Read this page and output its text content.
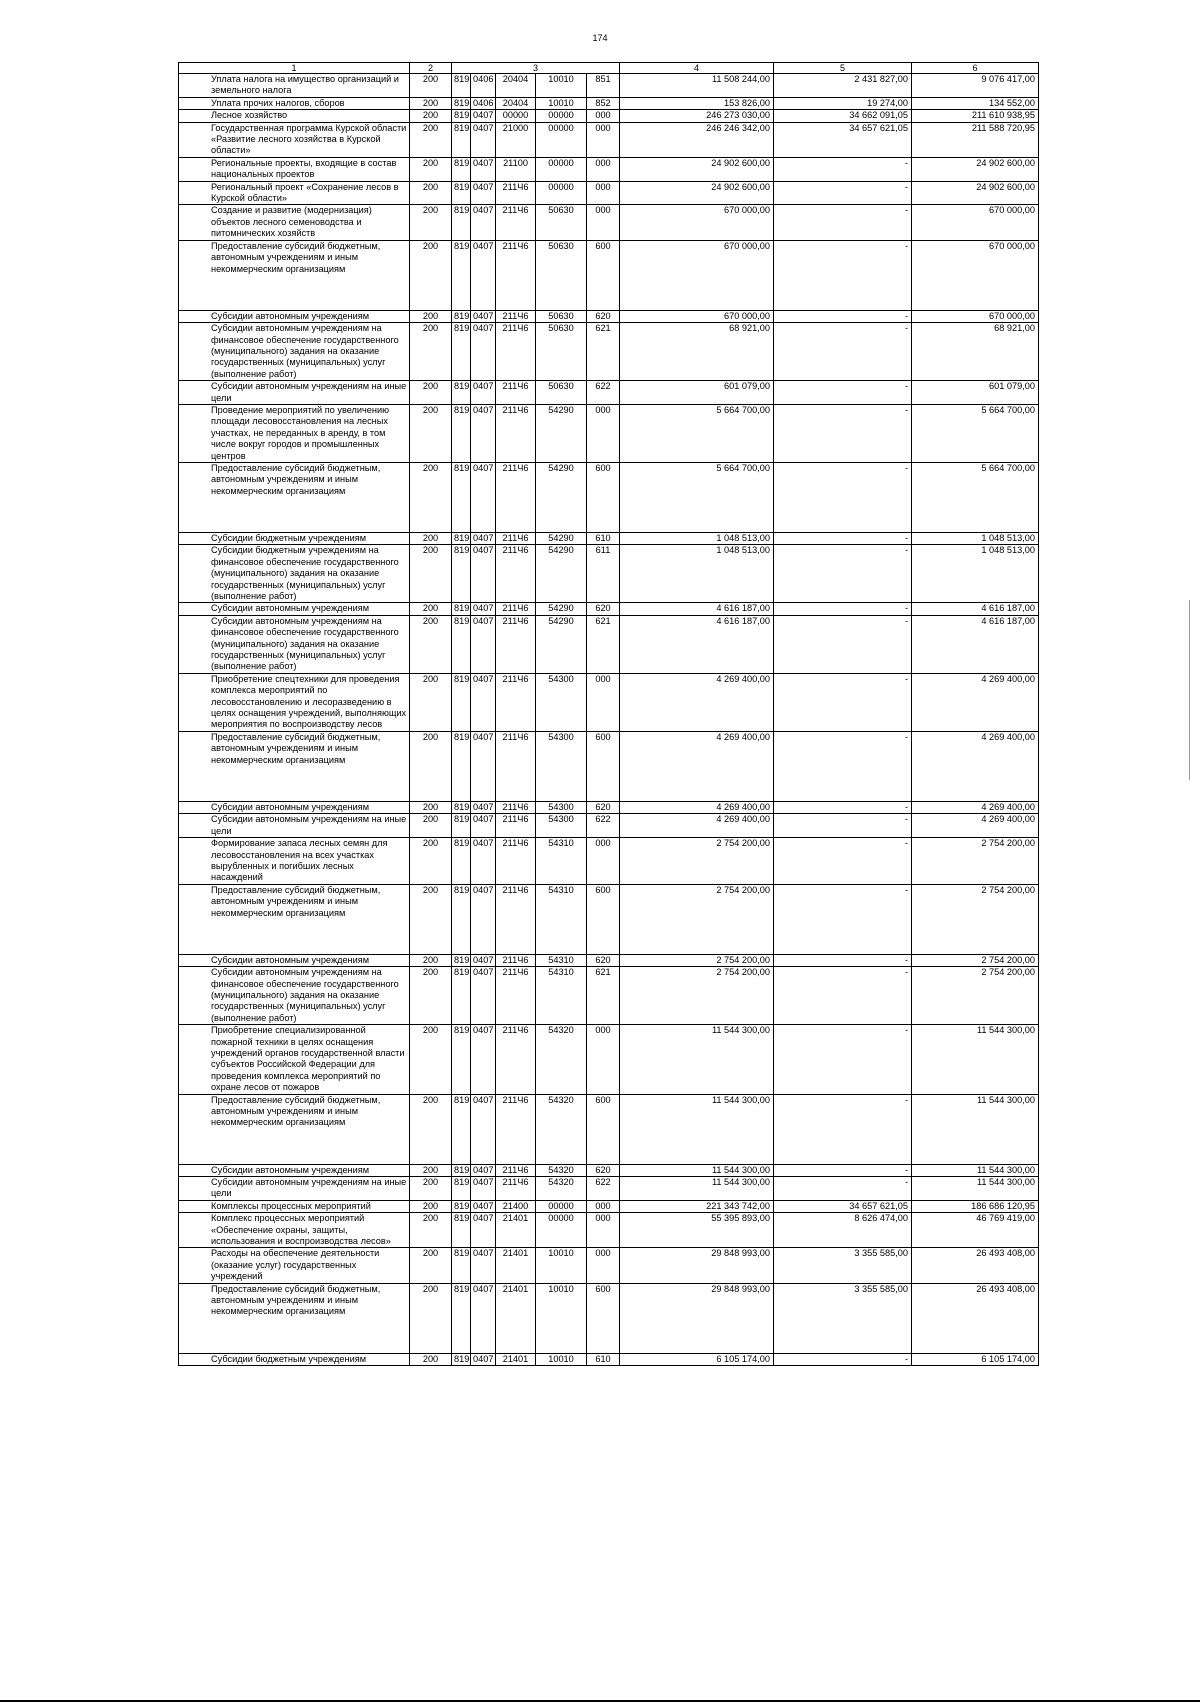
174
1	2	3					4	5	6
Уплата налога на имущество организаций и земельного налога	200	819	0406	20404	10010	851	11 508 244,00	2 431 827,00	9 076 417,00
Уплата прочих налогов, сборов	200	819	0406	20404	10010	852	153 826,00	19 274,00	134 552,00
Лесное хозяйство	200	819	0407	00000	00000	000	246 273 030,00	34 662 091,05	211 610 938,95
Государственная программа Курской области «Развитие лесного хозяйства в Курской области»	200	819	0407	21000	00000	000	246 246 342,00	34 657 621,05	211 588 720,95
Региональные проекты, входящие в состав национальных проектов	200	819	0407	21100	00000	000	24 902 600,00	-	24 902 600,00
Региональный проект «Сохранение лесов в Курской области»	200	819	0407	211Ч6	00000	000	24 902 600,00	-	24 902 600,00
Создание и развитие (модернизация) объектов лесного семеноводства и питомнических хозяйств	200	819	0407	211Ч6	50630	000	670 000,00	-	670 000,00
Предоставление субсидий бюджетным, автономным учреждениям и иным некоммерческим организациям	200	819	0407	211Ч6	50630	600	670 000,00	-	670 000,00
Субсидии автономным учреждениям	200	819	0407	211Ч6	50630	620	670 000,00	-	670 000,00
Субсидии автономным учреждениям на финансовое обеспечение государственного (муниципального) задания на оказание государственных (муниципальных) услуг (выполнение работ)	200	819	0407	211Ч6	50630	621	68 921,00	-	68 921,00
Субсидии автономным учреждениям на иные цели	200	819	0407	211Ч6	50630	622	601 079,00	-	601 079,00
Проведение мероприятий по увеличению площади лесовосстановления на лесных участках, не переданных в аренду, в том числе вокруг городов и промышленных центров	200	819	0407	211Ч6	54290	000	5 664 700,00	-	5 664 700,00
Предоставление субсидий бюджетным, автономным учреждениям и иным некоммерческим организациям	200	819	0407	211Ч6	54290	600	5 664 700,00	-	5 664 700,00
Субсидии бюджетным учреждениям	200	819	0407	211Ч6	54290	610	1 048 513,00	-	1 048 513,00
Субсидии бюджетным учреждениям на финансовое обеспечение государственного (муниципального) задания на оказание государственных (муниципальных) услуг (выполнение работ)	200	819	0407	211Ч6	54290	611	1 048 513,00	-	1 048 513,00
Субсидии автономным учреждениям	200	819	0407	211Ч6	54290	620	4 616 187,00	-	4 616 187,00
Субсидии автономным учреждениям на финансовое обеспечение государственного (муниципального) задания на оказание государственных (муниципальных) услуг (выполнение работ)	200	819	0407	211Ч6	54290	621	4 616 187,00	-	4 616 187,00
Приобретение спецтехники для проведения комплекса мероприятий по лесовосстановлению и лесоразведению в целях оснащения учреждений, выполняющих мероприятия по воспроизводству лесов	200	819	0407	211Ч6	54300	000	4 269 400,00	-	4 269 400,00
Предоставление субсидий бюджетным, автономным учреждениям и иным некоммерческим организациям	200	819	0407	211Ч6	54300	600	4 269 400,00	-	4 269 400,00
Субсидии автономным учреждениям	200	819	0407	211Ч6	54300	620	4 269 400,00	-	4 269 400,00
Субсидии автономным учреждениям на иные цели	200	819	0407	211Ч6	54300	622	4 269 400,00	-	4 269 400,00
Формирование запаса лесных семян для лесовосстановления на всех участках вырубленных и погибших лесных насаждений	200	819	0407	211Ч6	54310	000	2 754 200,00	-	2 754 200,00
Предоставление субсидий бюджетным, автономным учреждениям и иным некоммерческим организациям	200	819	0407	211Ч6	54310	600	2 754 200,00	-	2 754 200,00
Субсидии автономным учреждениям	200	819	0407	211Ч6	54310	620	2 754 200,00	-	2 754 200,00
Субсидии автономным учреждениям на финансовое обеспечение государственного (муниципального) задания на оказание государственных (муниципальных) услуг (выполнение работ)	200	819	0407	211Ч6	54310	621	2 754 200,00	-	2 754 200,00
Приобретение специализированной пожарной техники в целях оснащения учреждений органов государственной власти субъектов Российской Федерации для проведения комплекса мероприятий по охране лесов от пожаров	200	819	0407	211Ч6	54320	000	11 544 300,00	-	11 544 300,00
Предоставление субсидий бюджетным, автономным учреждениям и иным некоммерческим организациям	200	819	0407	211Ч6	54320	600	11 544 300,00	-	11 544 300,00
Субсидии автономным учреждениям	200	819	0407	211Ч6	54320	620	11 544 300,00	-	11 544 300,00
Субсидии автономным учреждениям на иные цели	200	819	0407	211Ч6	54320	622	11 544 300,00	-	11 544 300,00
Комплексы процессных мероприятий	200	819	0407	21400	00000	000	221 343 742,00	34 657 621,05	186 686 120,95
Комплекс процессных мероприятий «Обеспечение охраны, защиты, использования и воспроизводства лесов»	200	819	0407	21401	00000	000	55 395 893,00	8 626 474,00	46 769 419,00
Расходы на обеспечение деятельности (оказание услуг) государственных учреждений	200	819	0407	21401	10010	000	29 848 993,00	3 355 585,00	26 493 408,00
Предоставление субсидий бюджетным, автономным учреждениям и иным некоммерческим организациям	200	819	0407	21401	10010	600	29 848 993,00	3 355 585,00	26 493 408,00
Субсидии бюджетным учреждениям	200	819	0407	21401	10010	610	6 105 174,00	-	6 105 174,00
